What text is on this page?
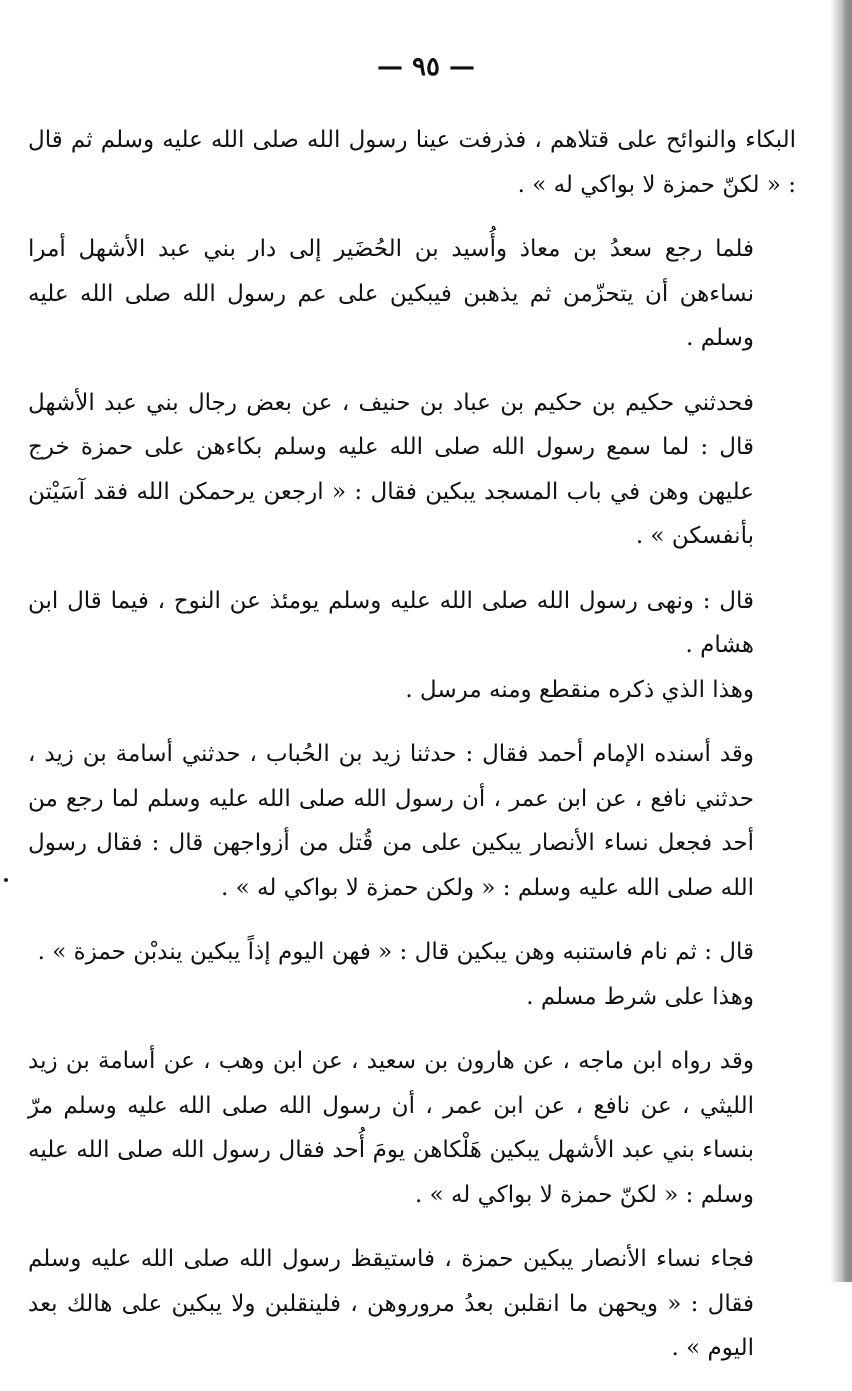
— ٩٥ —

البكاء والنوائح على قتلاهم ، فذرفت عينا رسول الله صلى الله عليه وسلم ثم قال : « لكنّ حمزة لا بواكي له » .

فلما رجع سعدُ بن معاذ وأُسيد بن الحُضَير إلى دار بني عبد الأشهل أمرا نساءهن أن يتحزّمن ثم يذهبن فيبكين على عم رسول الله صلى الله عليه وسلم .

فحدثني حكيم بن حكيم بن عباد بن حنيف ، عن بعض رجال بني عبد الأشهل قال : لما سمع رسول الله صلى الله عليه وسلم بكاءهن على حمزة خرج عليهن وهن في باب المسجد يبكين فقال : « ارجعن يرحمكن الله فقد آسَيْتن بأنفسكن » .

قال : ونهى رسول الله صلى الله عليه وسلم يومئذ عن النوح ، فيما قال ابن هشام .

وهذا الذي ذكره منقطع ومنه مرسل .

وقد أسنده الإمام أحمد فقال : حدثنا زيد بن الحُباب ، حدثني أسامة بن زيد ، حدثني نافع ، عن ابن عمر ، أن رسول الله صلى الله عليه وسلم لما رجع من أحد فجعل نساء الأنصار يبكين على من قُتل من أزواجهن قال : فقال رسول الله صلى الله عليه وسلم : « ولكن حمزة لا بواكي له » .

قال : ثم نام فاستنبه وهن يبكين قال : « فهن اليوم إذاً يبكين يندبْن حمزة » .

وهذا على شرط مسلم .

وقد رواه ابن ماجه ، عن هارون بن سعيد ، عن ابن وهب ، عن أسامة بن زيد الليثي ، عن نافع ، عن ابن عمر ، أن رسول الله صلى الله عليه وسلم مرّ بنساء بني عبد الأشهل يبكين هَلْكاهن يومَ أُحد فقال رسول الله صلى الله عليه وسلم : « لكنّ حمزة لا بواكي له » .

فجاء نساء الأنصار يبكين حمزة ، فاستيقظ رسول الله صلى الله عليه وسلم فقال : « ويحهن ما انقلبن بعدُ مروروهن ، فلينقلبن ولا يبكين على هالك بعد اليوم » .
